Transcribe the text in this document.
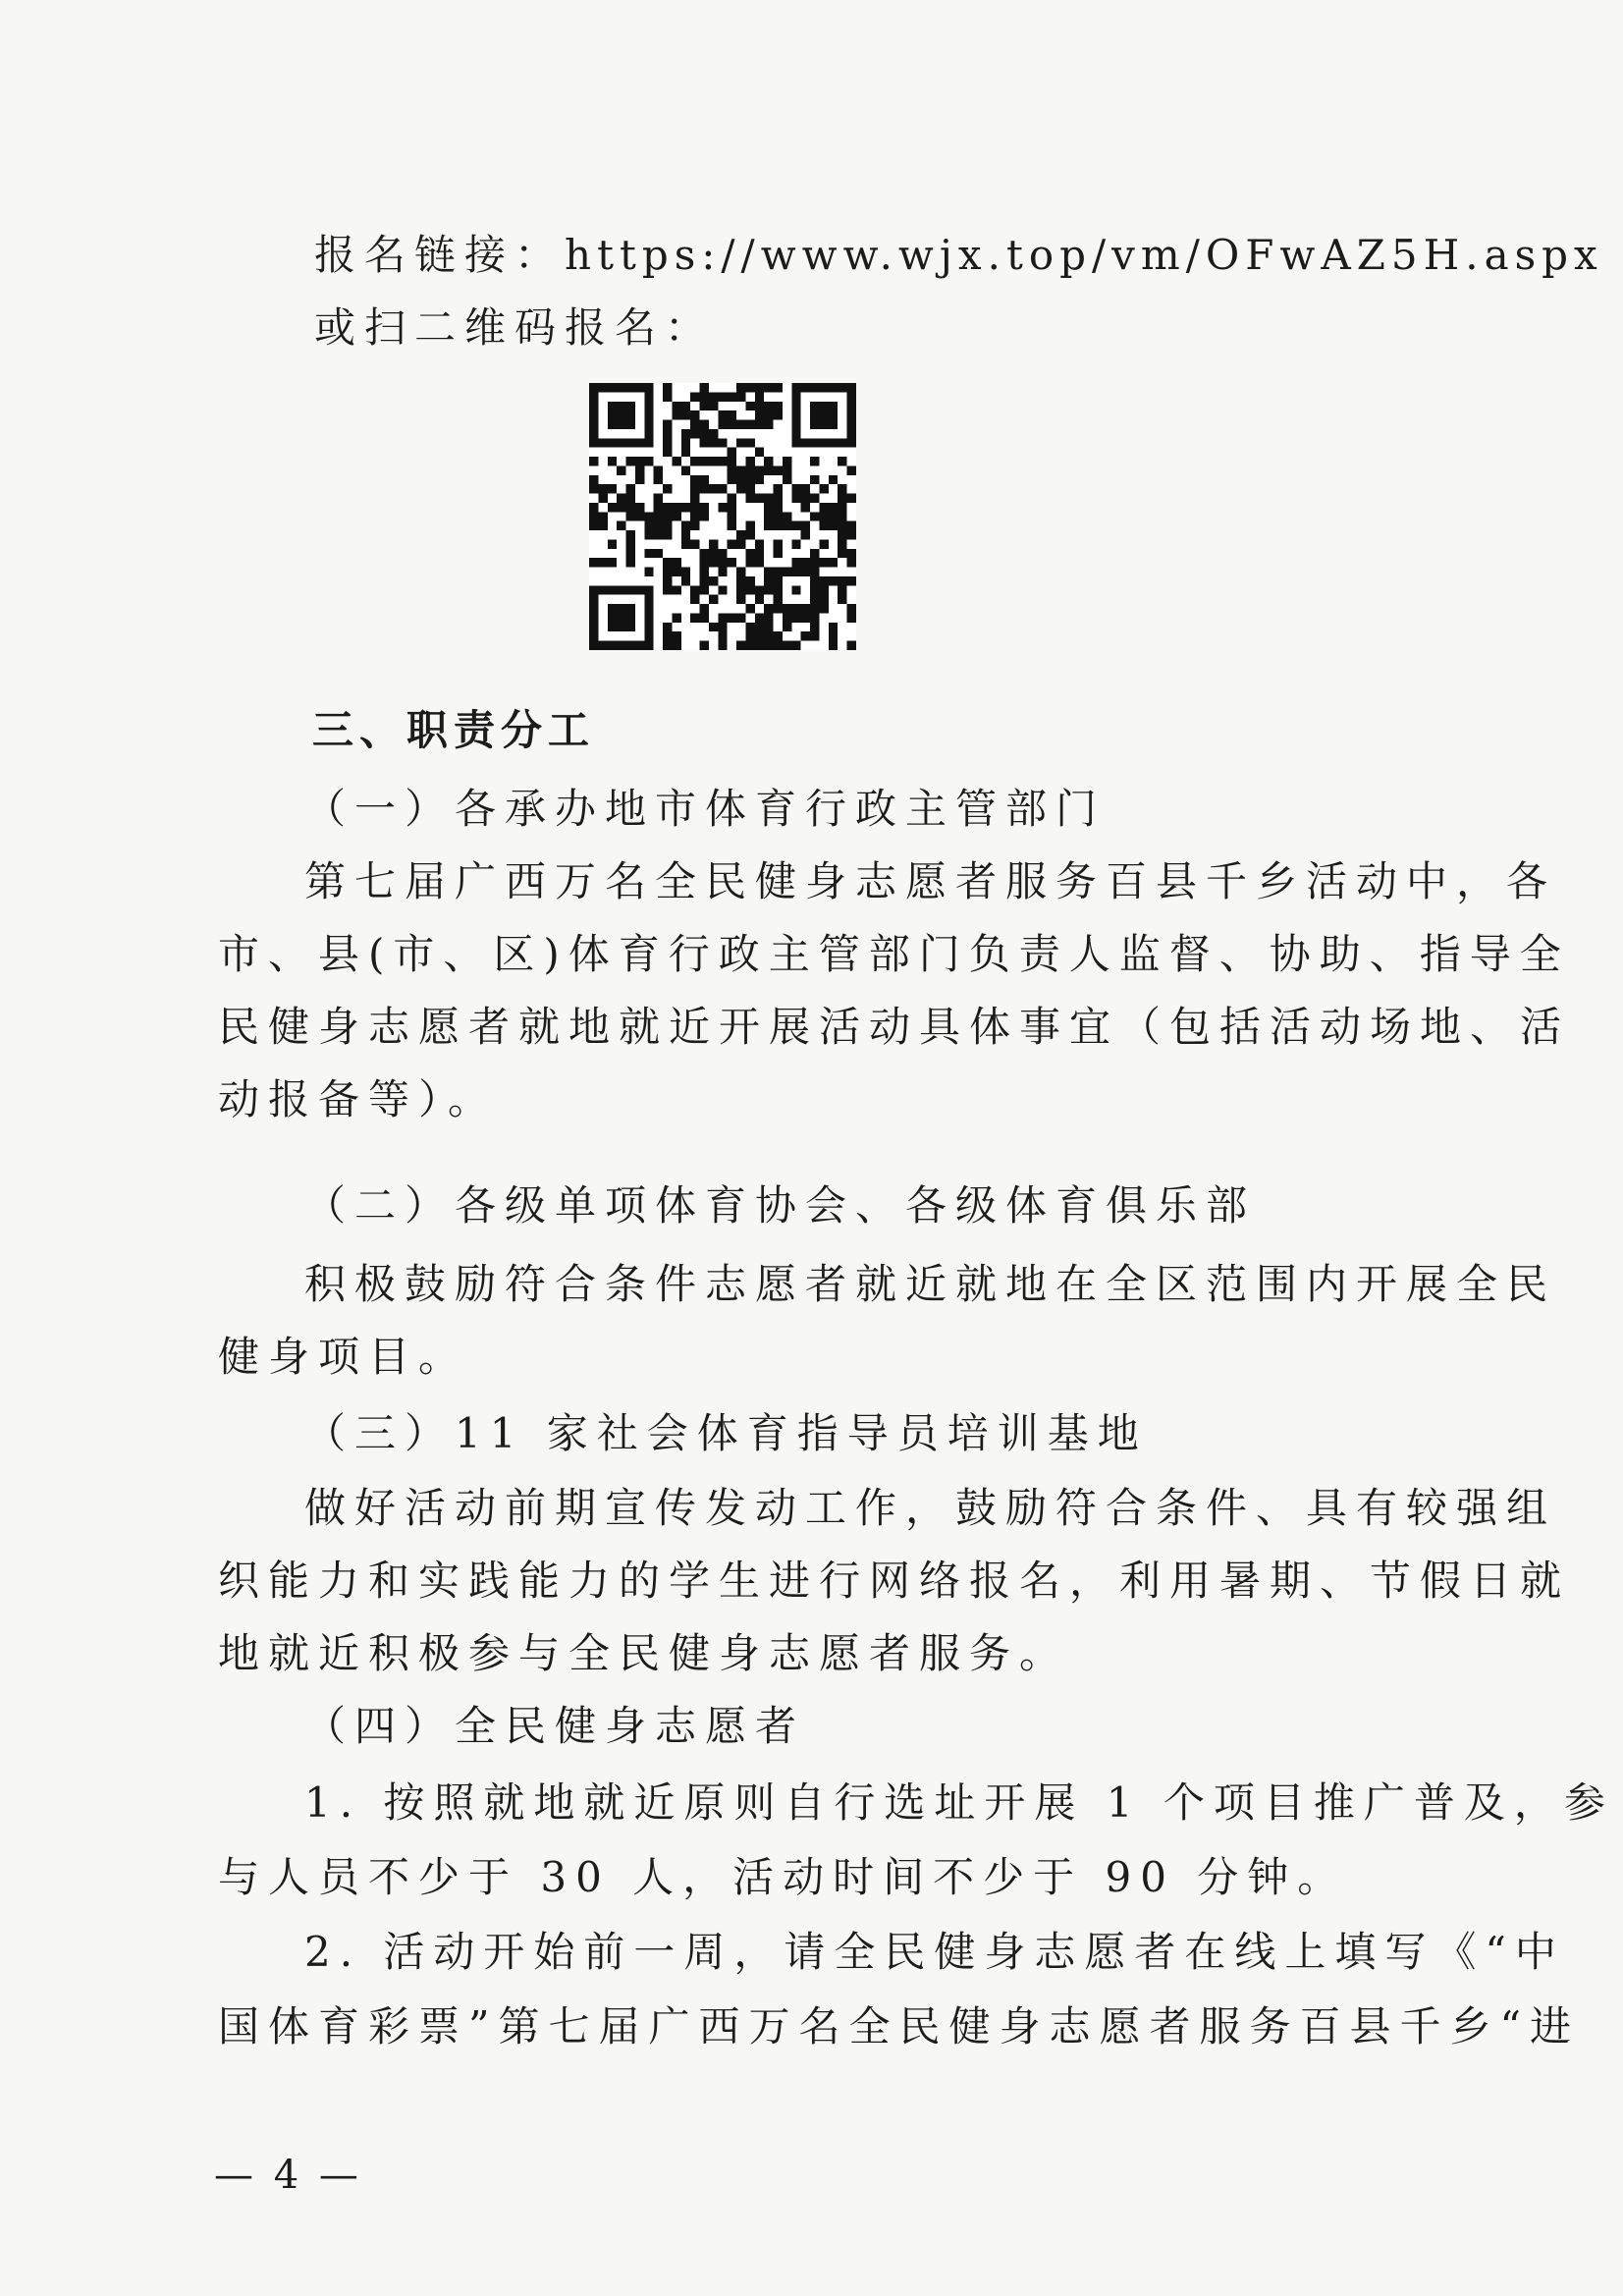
报名链接：https://www.wjx.top/vm/OFwAZ5H.aspx
或扫二维码报名：
三、职责分工
（一）各承办地市体育行政主管部门
第七届广西万名全民健身志愿者服务百县千乡活动中，各
市、县(市、区)体育行政主管部门负责人监督、协助、指导全
民健身志愿者就地就近开展活动具体事宜（包括活动场地、活
动报备等）。
（二）各级单项体育协会、各级体育俱乐部
积极鼓励符合条件志愿者就近就地在全区范围内开展全民
健身项目。
（三）11 家社会体育指导员培训基地
做好活动前期宣传发动工作，鼓励符合条件、具有较强组
织能力和实践能力的学生进行网络报名，利用暑期、节假日就
地就近积极参与全民健身志愿者服务。
（四）全民健身志愿者
1. 按照就地就近原则自行选址开展 1 个项目推广普及，参
与人员不少于 30 人，活动时间不少于 90 分钟。
2. 活动开始前一周，请全民健身志愿者在线上填写《“中
国体育彩票”第七届广西万名全民健身志愿者服务百县千乡“进
— 4 —
